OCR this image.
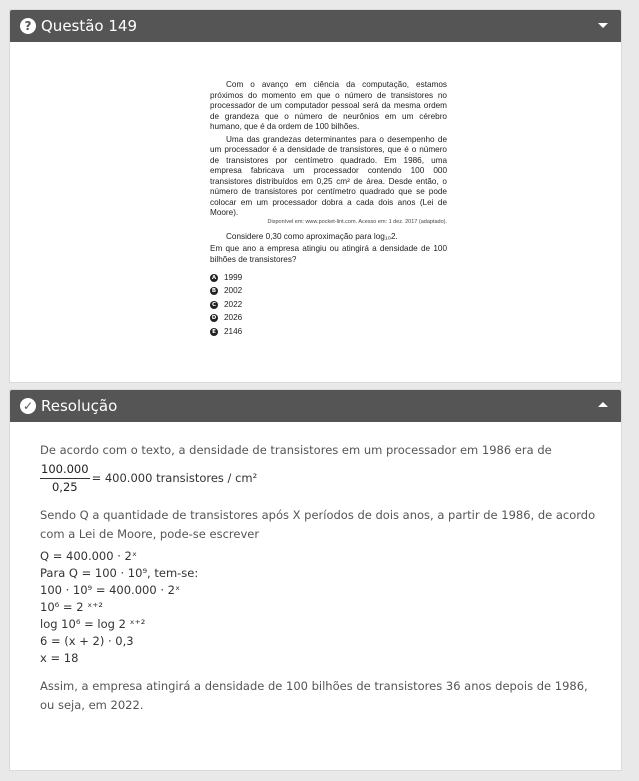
? Questão 149

Com o avanço em ciência da computação, estamos próximos do momento em que o número de transistores no processador de um computador pessoal será da mesma ordem de grandeza que o número de neurônios em um cérebro humano, que é da ordem de 100 bilhões.

Uma das grandezas determinantes para o desempenho de um processador é a densidade de transistores, que é o número de transistores por centímetro quadrado. Em 1986, uma empresa fabricava um processador contendo 100 000 transistores distribuídos em 0,25 cm² de área. Desde então, o número de transistores por centímetro quadrado que se pode colocar em um processador dobra a cada dois anos (Lei de Moore).

Disponível em: www.pocket-lint.com. Acesso em: 1 dez. 2017 (adaptado).

Considere 0,30 como aproximação para log₁₀2.

Em que ano a empresa atingiu ou atingirá a densidade de 100 bilhões de transistores?

A 1999
B 2002
C 2022
D 2026
E 2146
✓ Resolução
De acordo com o texto, a densidade de transistores em um processador em 1986 era de
$\frac{100.000}{0,25} = 400.000$ transistores / cm²
Sendo Q a quantidade de transistores após X períodos de dois anos, a partir de 1986, de acordo com a Lei de Moore, pode-se escrever
Q = 400.000 · 2ˣ
Para Q = 100 · 10⁹, tem-se:
100 · 10⁹ = 400.000 · 2ˣ
10⁶ = 2 ˣ⁺²
log 10⁶ = log 2 ˣ⁺²
6 = (x + 2) · 0,3
x = 18
Assim, a empresa atingirá a densidade de 100 bilhões de transistores 36 anos depois de 1986, ou seja, em 2022.
